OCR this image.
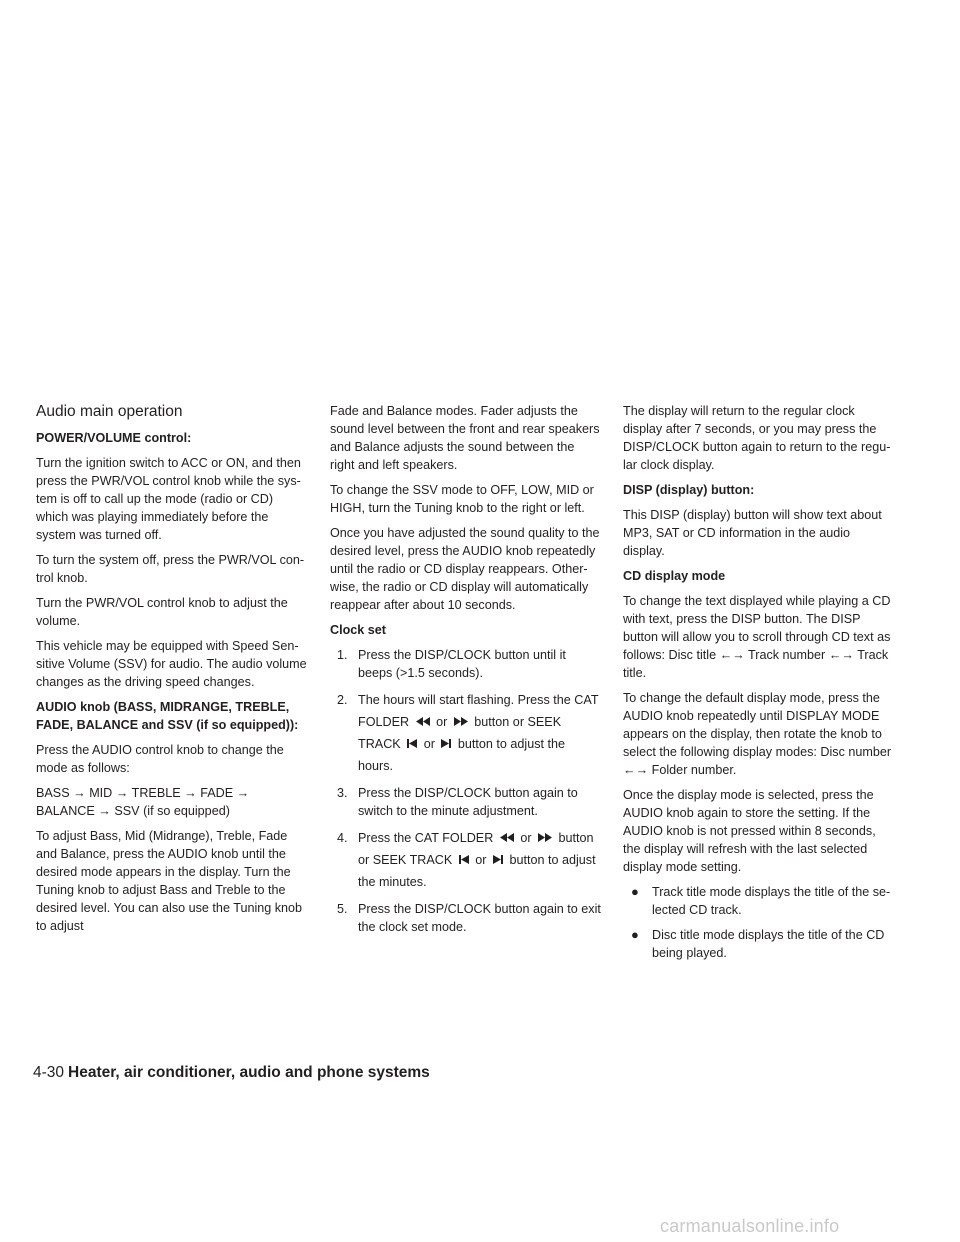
Audio main operation
POWER/VOLUME control:

Turn the ignition switch to ACC or ON, and then press the PWR/VOL control knob while the sys- tem is off to call up the mode (radio or CD) which was playing immediately before the system was turned off.

To turn the system off, press the PWR/VOL con- trol knob.

Turn the PWR/VOL control knob to adjust the volume.

This vehicle may be equipped with Speed Sen- sitive Volume (SSV) for audio. The audio volume changes as the driving speed changes.

AUDIO knob (BASS, MIDRANGE, TREBLE, FADE, BALANCE and SSV (if so equipped)):

Press the AUDIO control knob to change the mode as follows:

BASS → MID → TREBLE → FADE → BALANCE → SSV (if so equipped)

To adjust Bass, Mid (Midrange), Treble, Fade and Balance, press the AUDIO knob until the desired mode appears in the display. Turn the Tuning knob to adjust Bass and Treble to the desired level. You can also use the Tuning knob to adjust

Fade and Balance modes. Fader adjusts the sound level between the front and rear speakers and Balance adjusts the sound between the right and left speakers.

To change the SSV mode to OFF, LOW, MID or HIGH, turn the Tuning knob to the right or left.

Once you have adjusted the sound quality to the desired level, press the AUDIO knob repeatedly until the radio or CD display reappears. Other- wise, the radio or CD display will automatically reappear after about 10 seconds.

Clock set
1. Press the DISP/CLOCK button until it beeps (>1.5 seconds).
2. The hours will start flashing. Press the CAT FOLDER or button or SEEK TRACK or button to adjust the hours.
3. Press the DISP/CLOCK button again to switch to the minute adjustment.
4. Press the CAT FOLDER or button or SEEK TRACK or button to adjust the minutes.
5. Press the DISP/CLOCK button again to exit the clock set mode.

The display will return to the regular clock display after 7 seconds, or you may press the DISP/CLOCK button again to return to the regu- lar clock display.

DISP (display) button:

This DISP (display) button will show text about MP3, SAT or CD information in the audio display.

CD display mode

To change the text displayed while playing a CD with text, press the DISP button. The DISP button will allow you to scroll through CD text as follows: Disc title ←→ Track number ←→ Track title.

To change the default display mode, press the AUDIO knob repeatedly until DISPLAY MODE appears on the display, then rotate the knob to select the following display modes: Disc number ←→ Folder number.

Once the display mode is selected, press the AUDIO knob again to store the setting. If the AUDIO knob is not pressed within 8 seconds, the display will refresh with the last selected display mode setting.

● Track title mode displays the title of the se- lected CD track.
● Disc title mode displays the title of the CD being played.
4-30 Heater, air conditioner, audio and phone systems
carmanualsonline.info
